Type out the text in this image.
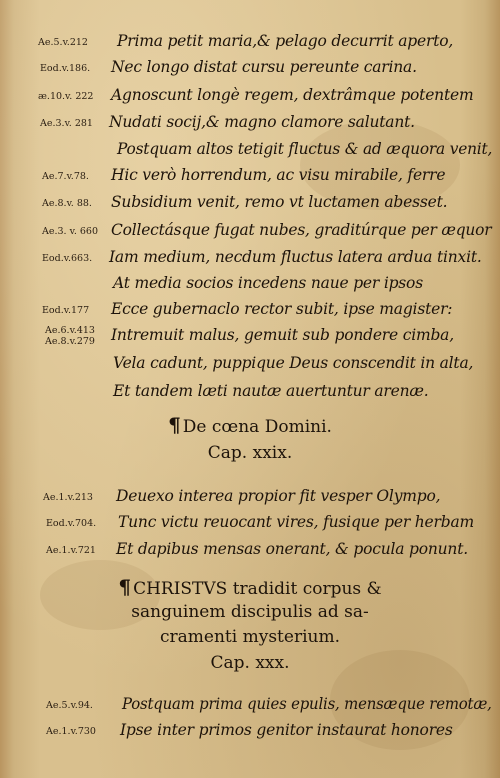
Ae.5.v.212 Prima petit maria,& pelago decurrit aperto,
Eod.v.186. Nec longo distat cursu pereunte carina.
æ.10.v. 222 Agnoscunt longè regem, dextrâmque potentem
Ae.3.v. 281 Nudati socij,& magno clamore salutant.
Postquam altos tetigit fluctus & ad æquora venit,
Ae.7.v.78. Hic verò horrendum, ac visu mirabile, ferre
Ae.8.v. 88. Subsidium venit, remo vt luctamen abesset.
Ae.3. v. 660 Collectásque fugat nubes, graditúrque per æquor
Eod.v.663. Iam medium, necdum fluctus latera ardua tinxit.
At media socios incedens naue per ipsos
Eod.v.177 Ecce gubernaclo rector subit, ipse magister:
Ae.6.v.413
Ae.8.v.279 Intremuit malus, gemuit sub pondere cimba,
Vela cadunt, puppique Deus conscendit in alta,
Et tandem læti nautæ auertuntur arenæ.
¶ De cœna Domini.
Cap. xxix.
Ae.1.v.213 Deuexo interea propior fit vesper Olympo,
Eod.v.704. Tunc victu reuocant vires, fusique per herbam
Ae.1.v.721 Et dapibus mensas onerant, & pocula ponunt.
¶ CHRISTVS tradidit corpus &
sanguinem discipulis ad sa-
cramenti mysterium.
Cap. xxx.
Ae.5.v.94. Postquam prima quies epulis, mensæque remotæ,
Ae.1.v.730 Ipse inter primos genitor instaurat honores
